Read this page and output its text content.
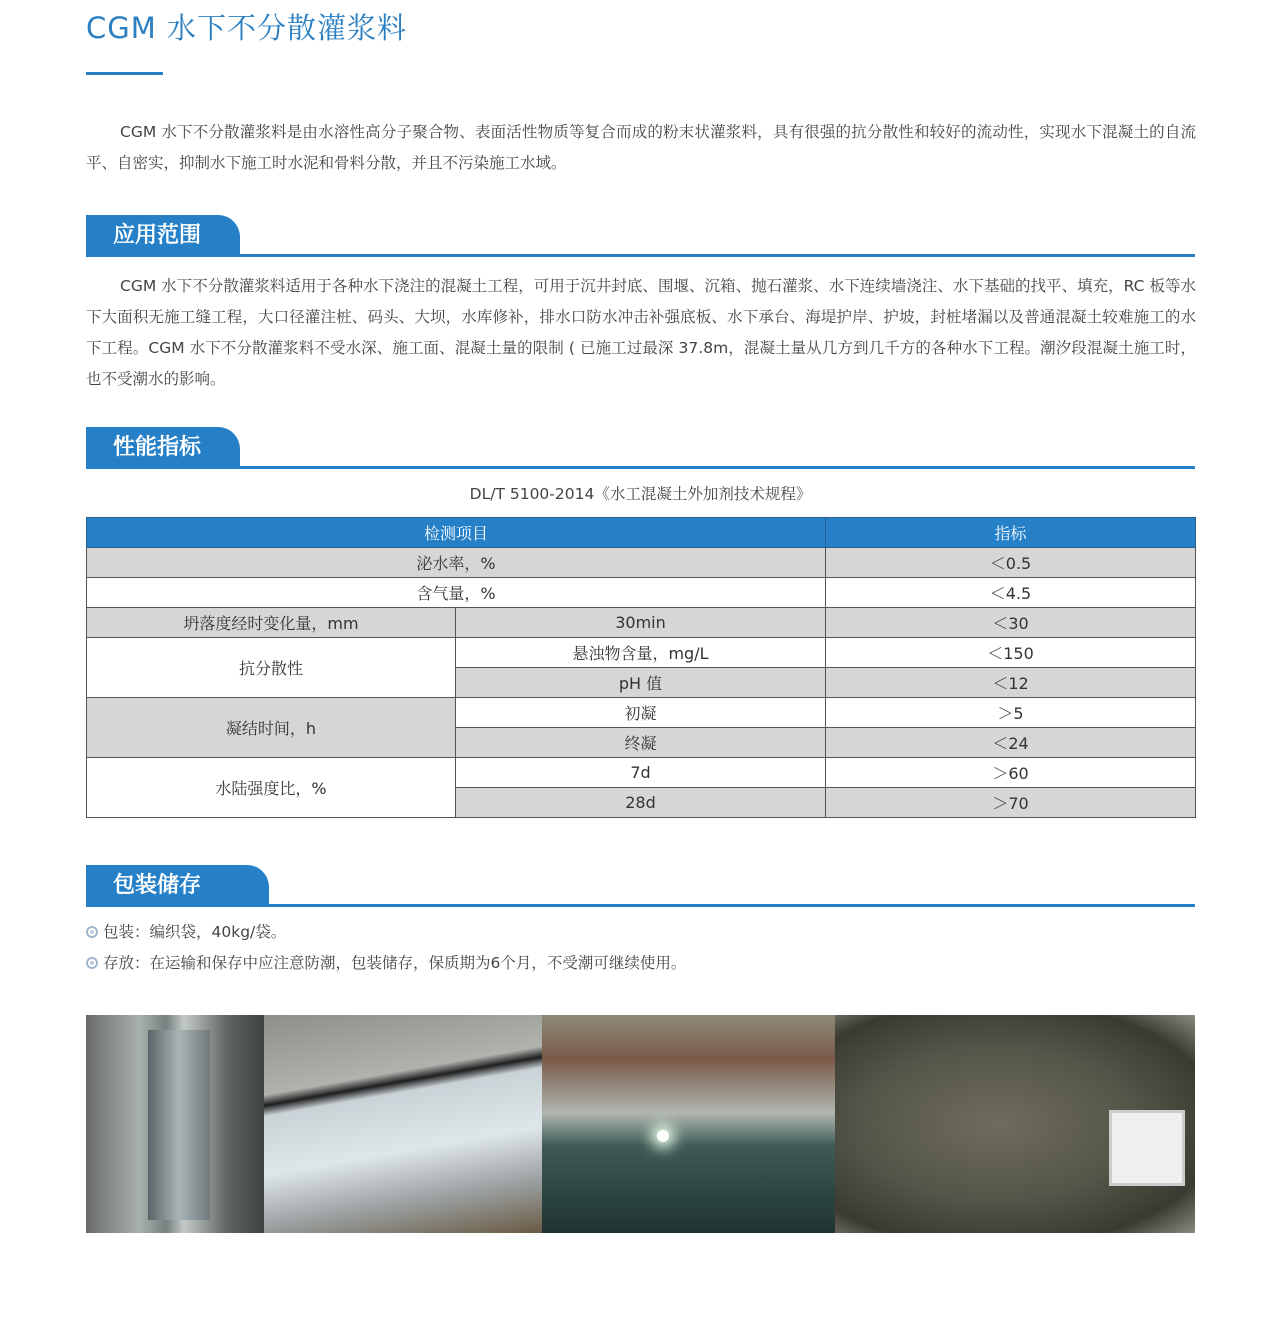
CGM 水下不分散灌浆料

CGM 水下不分散灌浆料是由水溶性高分子聚合物、表面活性物质等复合而成的粉末状灌浆料，具有很强的抗分散性和较好的流动性，实现水下混凝土的自流平、自密实，抑制水下施工时水泥和骨料分散，并且不污染施工水域。

应用范围

CGM 水下不分散灌浆料适用于各种水下浇注的混凝土工程，可用于沉井封底、围堰、沉箱、抛石灌浆、水下连续墙浇注、水下基础的找平、填充，RC 板等水下大面积无施工缝工程，大口径灌注桩、码头、大坝，水库修补，排水口防水冲击补强底板、水下承台、海堤护岸、护坡，封桩堵漏以及普通混凝土较难施工的水下工程。CGM 水下不分散灌浆料不受水深、施工面、混凝土量的限制 ( 已施工过最深 37.8m，混凝土量从几方到几千方的各种水下工程。潮汐段混凝土施工时，也不受潮水的影响。

性能指标
DL/T 5100-2014《水工混凝土外加剂技术规程》
检测项目		指标
泌水率，%		＜0.5
含气量，%		＜4.5
坍落度经时变化量，mm	30min	＜30
抗分散性	悬浊物含量，mg/L	＜150
	pH 值	＜12
凝结时间，h	初凝	＞5
	终凝	＜24
水陆强度比，%	7d	＞60
	28d	＞70
包装储存
包装：编织袋，40kg/袋。
存放：在运输和保存中应注意防潮，包装储存，保质期为6个月，不受潮可继续使用。
